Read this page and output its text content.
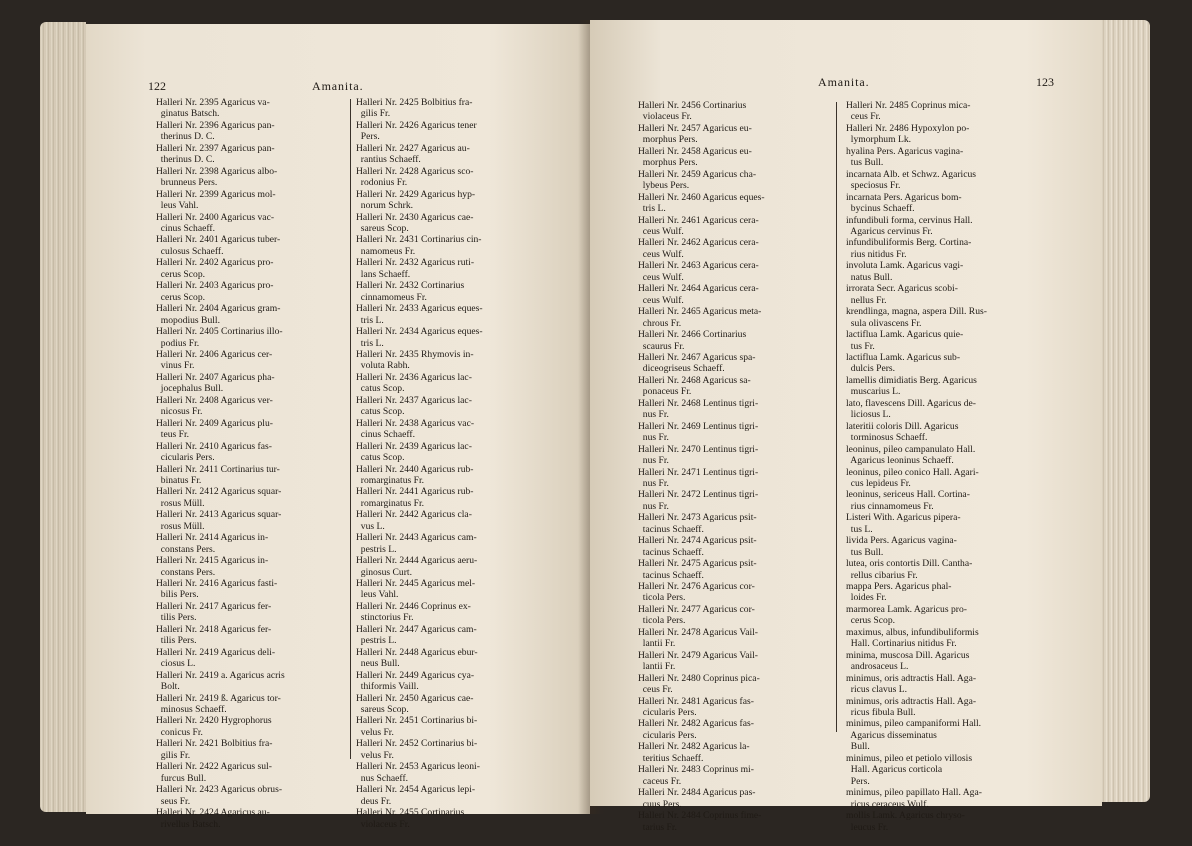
122	Amanita.
Halleri Nr. 2395 Agaricus va-
ginatus Batsch.
Halleri Nr. 2396 Agaricus pan-
therinus D. C.
Halleri Nr. 2397 Agaricus pan-
therinus D. C.
Halleri Nr. 2398 Agaricus albo-
brunneus Pers.
Halleri Nr. 2399 Agaricus mol-
leus Vahl.
Halleri Nr. 2400 Agaricus vac-
cinus Schaeff.
Halleri Nr. 2401 Agaricus tuber-
culosus Schaeff.
Halleri Nr. 2402 Agaricus pro-
cerus Scop.
Halleri Nr. 2403 Agaricus pro-
cerus Scop.
Halleri Nr. 2404 Agaricus gram-
mopodius Bull.
Halleri Nr. 2405 Cortinarius illo-
podius Fr.
Halleri Nr. 2406 Agaricus cer-
vinus Fr.
Halleri Nr. 2407 Agaricus pha-
jocephalus Bull.
Halleri Nr. 2408 Agaricus ver-
nicosus Fr.
Halleri Nr. 2409 Agaricus plu-
teus Fr.
Halleri Nr. 2410 Agaricus fas-
cicularis Pers.
Halleri Nr. 2411 Cortinarius tur-
binatus Fr.
Halleri Nr. 2412 Agaricus squar-
rosus Müll.
Halleri Nr. 2413 Agaricus squar-
rosus Müll.
Halleri Nr. 2414 Agaricus in-
constans Pers.
Halleri Nr. 2415 Agaricus in-
constans Pers.
Halleri Nr. 2416 Agaricus fasti-
bilis Pers.
Halleri Nr. 2417 Agaricus fer-
tilis Pers.
Halleri Nr. 2418 Agaricus fer-
tilis Pers.
Halleri Nr. 2419 Agaricus deli-
ciosus L.
Halleri Nr. 2419 a. Agaricus acris
Bolt.
Halleri Nr. 2419 ß. Agaricus tor-
minosus Schaeff.
Halleri Nr. 2420 Hygrophorus
conicus Fr.
Halleri Nr. 2421 Bolbitius fra-
gilis Fr.
Halleri Nr. 2422 Agaricus sul-
furcus Bull.
Halleri Nr. 2423 Agaricus obrus-
seus Fr.
Halleri Nr. 2424 Agaricus au-
rivellus Batsch.
Halleri Nr. 2425 Bolbitius fra-
gilis Fr.
Halleri Nr. 2426 Agaricus tener
Pers.
Halleri Nr. 2427 Agaricus au-
rantius Schaeff.
Halleri Nr. 2428 Agaricus sco-
rodonius Fr.
Halleri Nr. 2429 Agaricus hyp-
norum Schrk.
Halleri Nr. 2430 Agaricus cae-
sareus Scop.
Halleri Nr. 2431 Cortinarius cin-
namomeus Fr.
Halleri Nr. 2432 Agaricus ruti-
lans Schaeff.
Halleri Nr. 2432 Cortinarius
cinnamomeus Fr.
Halleri Nr. 2433 Agaricus eques-
tris L.
Halleri Nr. 2434 Agaricus eques-
tris L.
Halleri Nr. 2435 Rhymovis in-
voluta Rabh.
Halleri Nr. 2436 Agaricus lac-
catus Scop.
Halleri Nr. 2437 Agaricus lac-
catus Scop.
Halleri Nr. 2438 Agaricus vac-
cinus Schaeff.
Halleri Nr. 2439 Agaricus lac-
catus Scop.
Halleri Nr. 2440 Agaricus rub-
romarginatus Fr.
Halleri Nr. 2441 Agaricus rub-
romarginatus Fr.
Halleri Nr. 2442 Agaricus cla-
vus L.
Halleri Nr. 2443 Agaricus cam-
pestris L.
Halleri Nr. 2444 Agaricus aeru-
ginosus Curt.
Halleri Nr. 2445 Agaricus mel-
leus Vahl.
Halleri Nr. 2446 Coprinus ex-
stinctorius Fr.
Halleri Nr. 2447 Agaricus cam-
pestris L.
Halleri Nr. 2448 Agaricus ebur-
neus Bull.
Halleri Nr. 2449 Agaricus cya-
thiformis Vaill.
Halleri Nr. 2450 Agaricus cae-
sareus Scop.
Halleri Nr. 2451 Cortinarius bi-
velus Fr.
Halleri Nr. 2452 Cortinarius bi-
velus Fr.
Halleri Nr. 2453 Agaricus leoni-
nus Schaeff.
Halleri Nr. 2454 Agaricus lepi-
deus Fr.
Halleri Nr. 2455 Cortinarius
violaceus Fr.
Amanita.	123
Halleri Nr. 2456 Cortinarius
violaceus Fr.
Halleri Nr. 2457 Agaricus eu-
morphus Pers.
Halleri Nr. 2458 Agaricus eu-
morphus Pers.
Halleri Nr. 2459 Agaricus cha-
lybeus Pers.
Halleri Nr. 2460 Agaricus eques-
tris L.
Halleri Nr. 2461 Agaricus cera-
ceus Wulf.
Halleri Nr. 2462 Agaricus cera-
ceus Wulf.
Halleri Nr. 2463 Agaricus cera-
ceus Wulf.
Halleri Nr. 2464 Agaricus cera-
ceus Wulf.
Halleri Nr. 2465 Agaricus meta-
chrous Fr.
Halleri Nr. 2466 Cortinarius
scaurus Fr.
Halleri Nr. 2467 Agaricus spa-
diceogriseus Schaeff.
Halleri Nr. 2468 Agaricus sa-
ponaceus Fr.
Halleri Nr. 2468 Lentinus tigri-
nus Fr.
Halleri Nr. 2469 Lentinus tigri-
nus Fr.
Halleri Nr. 2470 Lentinus tigri-
nus Fr.
Halleri Nr. 2471 Lentinus tigri-
nus Fr.
Halleri Nr. 2472 Lentinus tigri-
nus Fr.
Halleri Nr. 2473 Agaricus psit-
tacinus Schaeff.
Halleri Nr. 2474 Agaricus psit-
tacinus Schaeff.
Halleri Nr. 2475 Agaricus psit-
tacinus Schaeff.
Halleri Nr. 2476 Agaricus cor-
ticola Pers.
Halleri Nr. 2477 Agaricus cor-
ticola Pers.
Halleri Nr. 2478 Agaricus Vail-
lantii Fr.
Halleri Nr. 2479 Agaricus Vail-
lantii Fr.
Halleri Nr. 2480 Coprinus pica-
ceus Fr.
Halleri Nr. 2481 Agaricus fas-
cicularis Pers.
Halleri Nr. 2482 Agaricus fas-
cicularis Pers.
Halleri Nr. 2482 Agaricus la-
teritius Schaeff.
Halleri Nr. 2483 Coprinus mi-
caceus Fr.
Halleri Nr. 2484 Agaricus pas-
cuus Pers.
Halleri Nr. 2484 Coprinus fime-
tarius Fr.
Halleri Nr. 2485 Coprinus mica-
ceus Fr.
Halleri Nr. 2486 Hypoxylon po-
lymorphum Lk.
hyalina Pers. Agaricus vagina-
tus Bull.
incarnata Alb. et Schwz. Agaricus
speciosus Fr.
incarnata Pers. Agaricus bom-
bycinus Schaeff.
infundibuli forma, cervinus Hall.
Agaricus cervinus Fr.
infundibuliformis Berg. Cortina-
rius nitidus Fr.
involuta Lamk. Agaricus vagi-
natus Bull.
irrorata Secr. Agaricus scobi-
nellus Fr.
krendlinga, magna, aspera Dill. Rus-
sula olivascens Fr.
lactiflua Lamk. Agaricus quie-
tus Fr.
lactiflua Lamk. Agaricus sub-
dulcis Pers.
lamellis dimidiatis Berg. Agaricus
muscarius L.
lato, flavescens Dill. Agaricus de-
liciosus L.
lateritii coloris Dill. Agaricus
torminosus Schaeff.
leoninus, pileo campanulato Hall.
Agaricus leoninus Schaeff.
leoninus, pileo conico Hall. Agari-
cus lepideus Fr.
leoninus, sericeus Hall. Cortina-
rius cinnamomeus Fr.
Listeri With. Agaricus pipera-
tus L.
livida Pers. Agaricus vagina-
tus Bull.
lutea, oris contortis Dill. Cantha-
rellus cibarius Fr.
mappa Pers. Agaricus phal-
loides Fr.
marmorea Lamk. Agaricus pro-
cerus Scop.
maximus, albus, infundibuliformis
Hall. Cortinarius nitidus Fr.
minima, muscosa Dill. Agaricus
androsaceus L.
minimus, oris adtractis Hall. Aga-
ricus clavus L.
minimus, oris adtractis Hall. Aga-
ricus fibula Bull.
minimus, pileo campaniformi Hall.
Agaricus disseminatus
Bull.
minimus, pileo et petiolo villosis
Hall. Agaricus corticola
Pers.
minimus, pileo papillato Hall. Aga-
ricus ceraceus Wulf.
mollis Lamk. Agaricus chryso-
leucus Fr.
